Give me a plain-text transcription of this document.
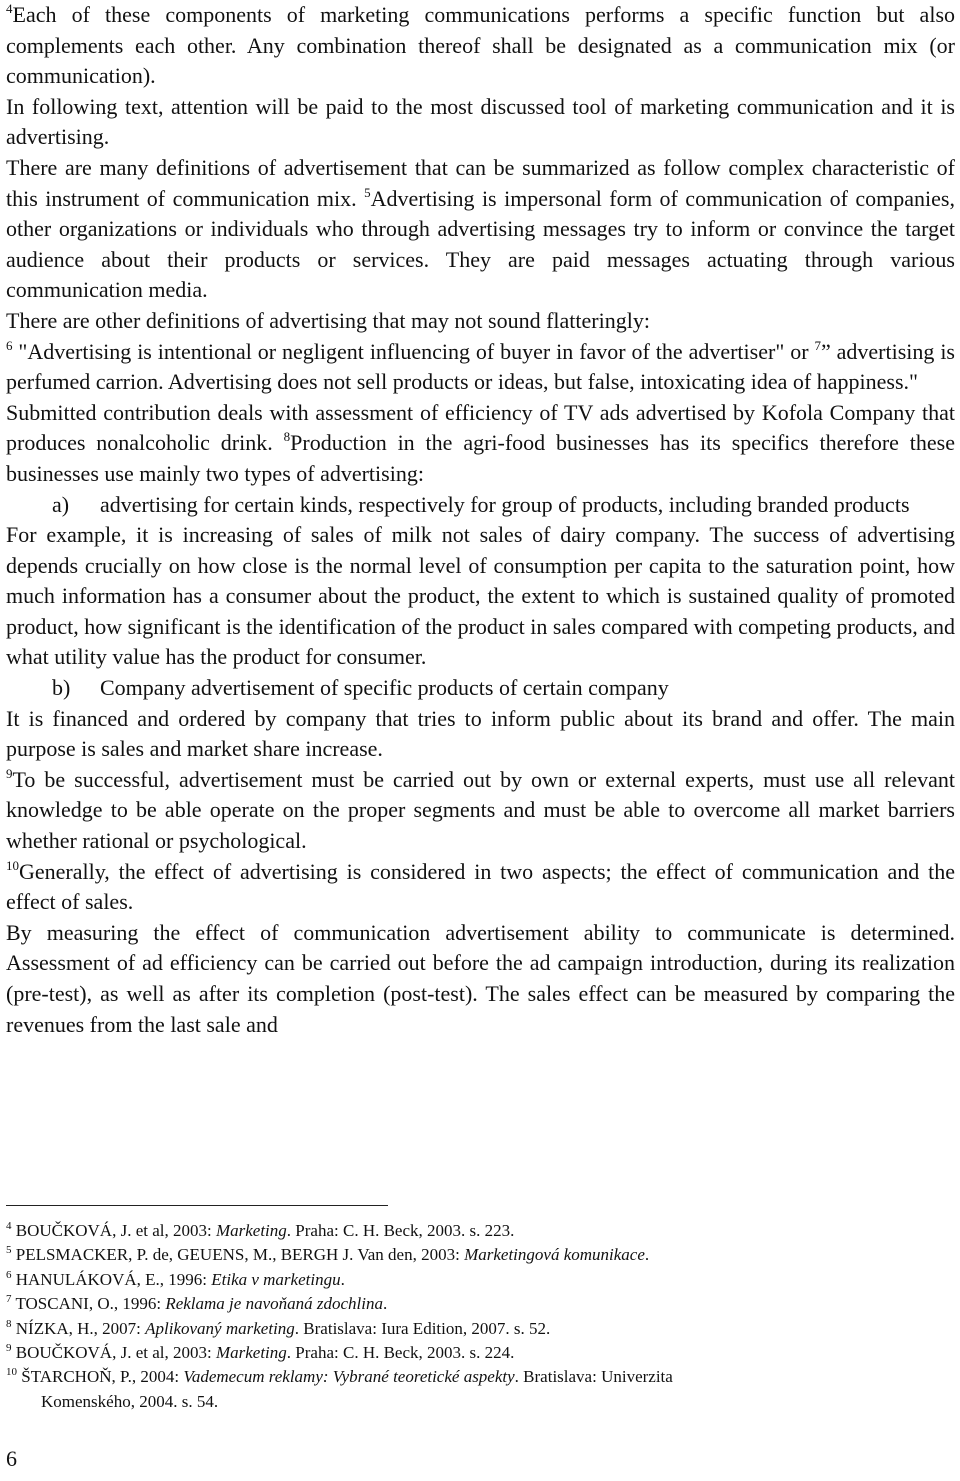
$^4$Each of these components of marketing communications performs a specific function but also complements each other. Any combination thereof shall be designated as a communication mix (or communication).

In following text, attention will be paid to the most discussed tool of marketing communication and it is advertising.

There are many definitions of advertisement that can be summarized as follow complex characteristic of this instrument of communication mix. $^5$Advertising is impersonal form of communication of companies, other organizations or individuals who through advertising messages try to inform or convince the target audience about their products or services. They are paid messages actuating through various communication media.

There are other definitions of advertising that may not sound flatteringly:

$^6$ "Advertising is intentional or negligent influencing of buyer in favor of the advertiser" or $^7$” advertising is perfumed carrion. Advertising does not sell products or ideas, but false, intoxicating idea of happiness."

Submitted contribution deals with assessment of efficiency of TV ads advertised by Kofola Company that produces nonalcoholic drink. $^8$Production in the agri-food businesses has its specifics therefore these businesses use mainly two types of advertising:

a)	advertising for certain kinds, respectively for group of products, including branded products

For example, it is increasing of sales of milk not sales of dairy company. The success of advertising depends crucially on how close is the normal level of consumption per capita to the saturation point, how much information has a consumer about the product, the extent to which is sustained quality of promoted product, how significant is the identification of the product in sales compared with competing products, and what utility value has the product for consumer.

b)	Company advertisement of specific products of certain company

It is financed and ordered by company that tries to inform public about its brand and offer. The main purpose is sales and market share increase.

$^9$To be successful, advertisement must be carried out by own or external experts, must use all relevant knowledge to be able operate on the proper segments and must be able to overcome all market barriers whether rational or psychological.

$^{10}$Generally, the effect of advertising is considered in two aspects; the effect of communication and the effect of sales.

By measuring the effect of communication advertisement ability to communicate is determined. Assessment of ad efficiency can be carried out before the ad campaign introduction, during its realization (pre-test), as well as after its completion (post-test). The sales effect can be measured by comparing the revenues from the last sale and

$^4$ BOUČKOVÁ, J. et al, 2003: Marketing. Praha: C. H. Beck, 2003. s. 223.

$^5$ PELSMACKER, P. de, GEUENS, M., BERGH J. Van den, 2003: Marketingová komunikace.

$^6$ HANULÁKOVÁ, E., 1996: Etika v marketingu.

$^7$ TOSCANI, O., 1996: Reklama je navoňaná zdochlina.

$^8$ NÍZKA, H., 2007: Aplikovaný marketing. Bratislava: Iura Edition, 2007. s. 52.

$^9$ BOUČKOVÁ, J. et al, 2003: Marketing. Praha: C. H. Beck, 2003. s. 224.

$^{10}$ ŠTARCHOŇ, P., 2004: Vademecum reklamy: Vybrané teoretické aspekty. Bratislava: Univerzita

Komenského, 2004. s. 54.

6
